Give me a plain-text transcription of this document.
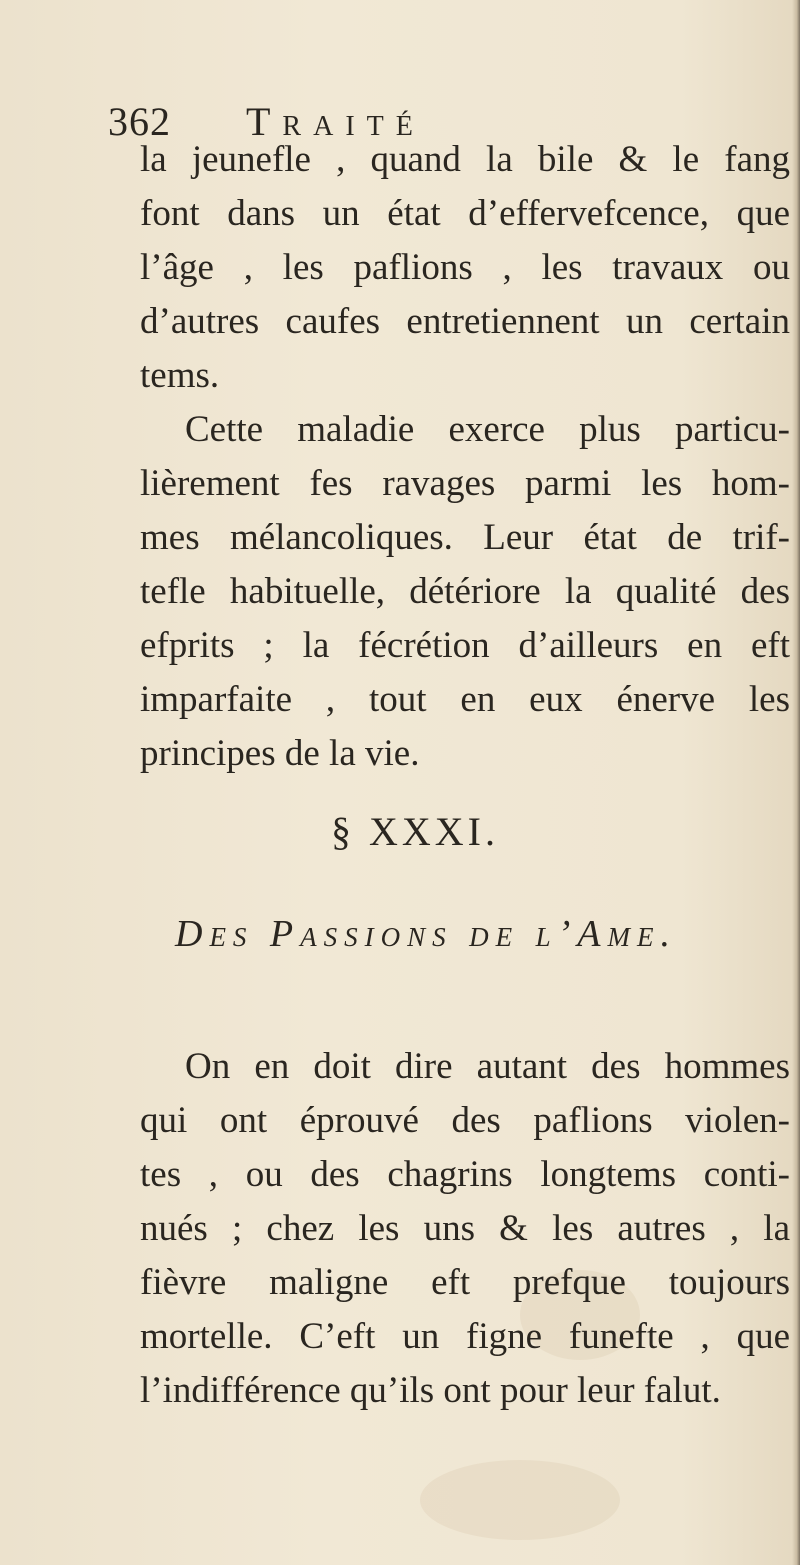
362 Traité
la jeunefle , quand la bile & le fang
font dans un état d’effervefcence, que
l’âge , les paflions , les travaux ou
d’autres caufes entretiennent un certain
tems.
Cette maladie exerce plus particu-
lièrement fes ravages parmi les hom-
mes mélancoliques. Leur état de trif-
tefle habituelle, détériore la qualité des
efprits ; la fécrétion d’ailleurs en eft
imparfaite , tout en eux énerve les
principes de la vie.
§ XXXI.
Des Passions de l’Ame.
On en doit dire autant des hommes
qui ont éprouvé des paflions violen-
tes , ou des chagrins longtems conti-
nués ; chez les uns & les autres , la
fièvre maligne eft prefque toujours
mortelle. C’eft un figne funefte , que
l’indifférence qu’ils ont pour leur falut.
